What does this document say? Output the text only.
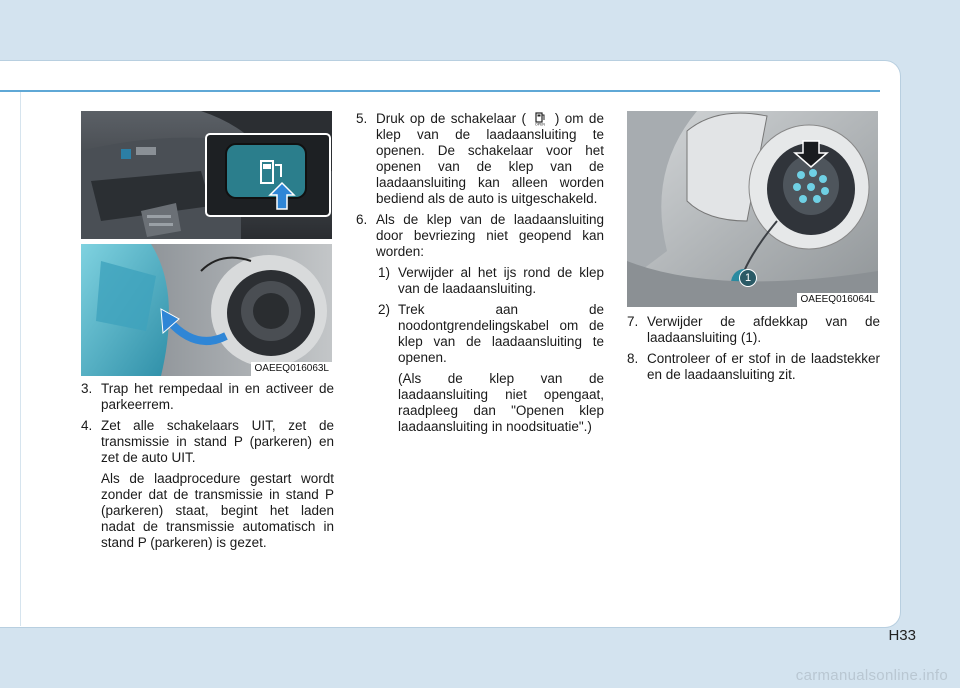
OAEEQ016063L
1
OAEEQ016064L
3. Trap het rempedaal in en activeer de parkeerrem.
4. Zet alle schakelaars UIT, zet de transmissie in stand P (parkeren) en zet de auto UIT.

Als de laadprocedure gestart wordt zonder dat de transmissie in stand P (parkeren) staat, begint het laden nadat de transmissie automatisch in stand P (parkeren) is gezet.

5. Druk op de schakelaar (	OPEN ) om de klep van de laadaansluiting te openen. De schakelaar voor het openen van de klep van de laadaansluiting kan alleen worden bediend als de auto is uitgeschakeld.
6. Als de klep van de laadaansluiting door bevriezing niet geopend kan worden:
1) Verwijder al het ijs rond de klep van de laadaansluiting.
2) Trek aan de noodontgrendelingskabel om de klep van de laadaansluiting te openen.

(Als de klep van de laadaansluiting niet opengaat, raadpleeg dan "Openen klep laadaansluiting in noodsituatie".)

7. Verwijder de afdekkap van de laadaansluiting (1).
8. Controleer of er stof in de laadstekker en de laadaansluiting zit.
H33
carmanualsonline.info
